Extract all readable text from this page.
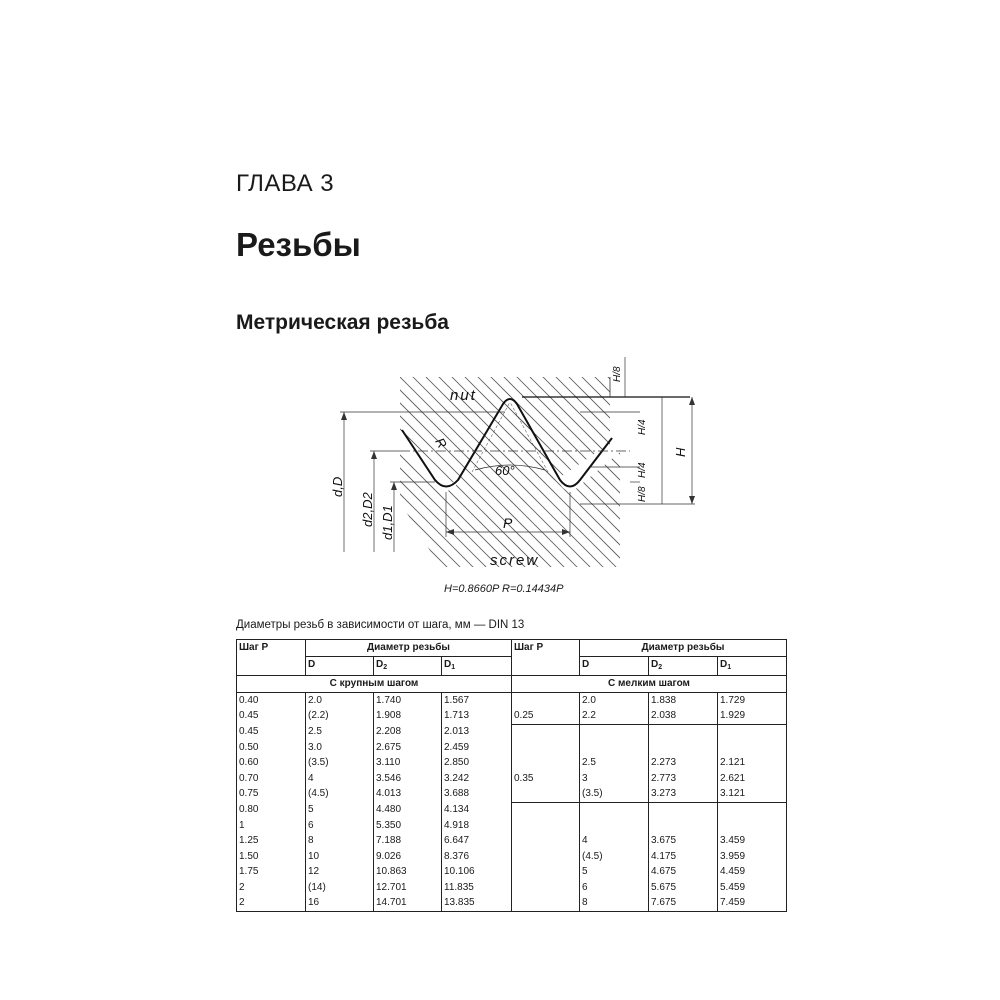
ГЛАВА 3
Резьбы
Метрическая резьба
nut
screw
60°
P
R
d,D
d2,D2 d1,D1
H
H/8
H/4
H/4
H/8
H=0.8660P R=0.14434P
Диаметры резьб в зависимости от шага, мм — DIN 13
Шаг P	Диаметр резьбы			Шаг P	Диаметр резьбы		
	D	$D_2$	$D_1$		D	$D_2$	$D_1$
С крупным шагом				С мелким шагом			
0.40	2.0	1.740	1.567		2.0	1.838	1.729
0.45	(2.2)	1.908	1.713	0.25	2.2	2.038	1.929
0.45	2.5	2.208	2.013				
0.50	3.0	2.675	2.459				
0.60	(3.5)	3.110	2.850		2.5	2.273	2.121
0.70	4	3.546	3.242	0.35	3	2.773	2.621
0.75	(4.5)	4.013	3.688		(3.5)	3.273	3.121
0.80	5	4.480	4.134				
1	6	5.350	4.918				
1.25	8	7.188	6.647		4	3.675	3.459
1.50	10	9.026	8.376		(4.5)	4.175	3.959
1.75	12	10.863	10.106		5	4.675	4.459
2	(14)	12.701	11.835		6	5.675	5.459
2	16	14.701	13.835		8	7.675	7.459
